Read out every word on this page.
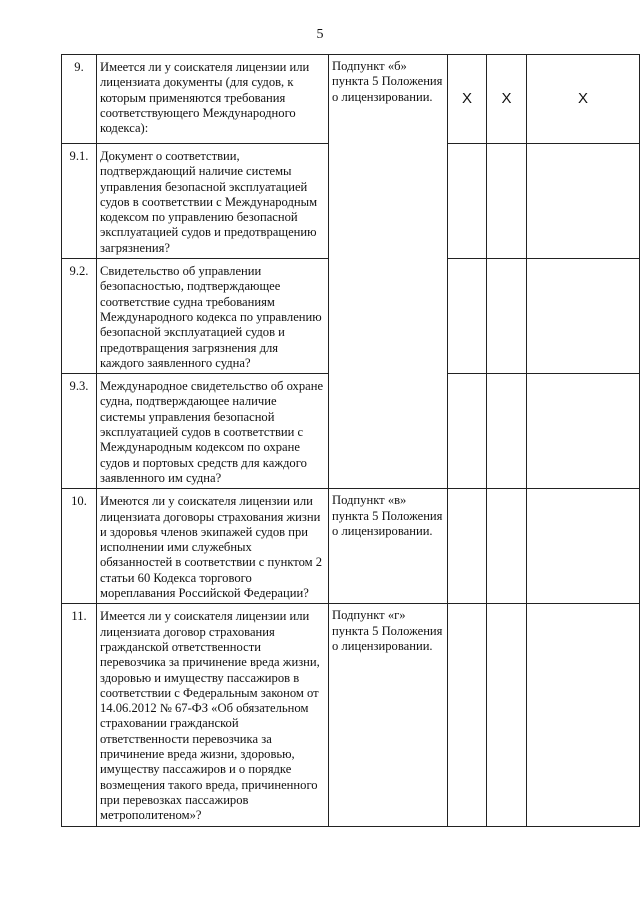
5
9.	Имеется ли у соискателя лицензии или лицензиата документы (для судов, к которым применяются требования соответствующего Международного кодекса):	Подпункт «б» пункта 5 Положения о лицензировании.	X	X	X
9.1.	Документ о соответствии, подтверждающий наличие системы управления безопасной эксплуатацией судов в соответствии с Международным кодексом по управлению безопасной эксплуатацией судов и предотвращению загрязнения?				

9.2.	Свидетельство об управлении безопасностью, подтверждающее соответствие судна требованиям Международного кодекса по управлению безопасной эксплуатацией судов и предотвращения загрязнения для каждого заявленного судна?				

9.3.	Международное свидетельство об охране судна, подтверждающее наличие системы управления безопасной эксплуатацией судов в соответствии с Международным кодексом по охране судов и портовых средств для каждого заявленного им судна?				

10.	Имеются ли у соискателя лицензии или лицензиата договоры страхования жизни и здоровья членов экипажей судов при исполнении ими служебных обязанностей в соответствии с пунктом 2 статьи 60 Кодекса торгового мореплавания Российской Федерации?	Подпункт «в» пункта 5 Положения о лицензировании.			

11.	Имеется ли у соискателя лицензии или лицензиата договор страхования гражданской ответственности перевозчика за причинение вреда жизни, здоровью и имуществу пассажиров в соответствии с Федеральным законом от 14.06.2012 № 67-ФЗ «Об обязательном страховании гражданской ответственности перевозчика за причинение вреда жизни, здоровью, имуществу пассажиров и о порядке возмещения такого вреда, причиненного при перевозках пассажиров метрополитеном»?	Подпункт «г» пункта 5 Положения о лицензировании.			
